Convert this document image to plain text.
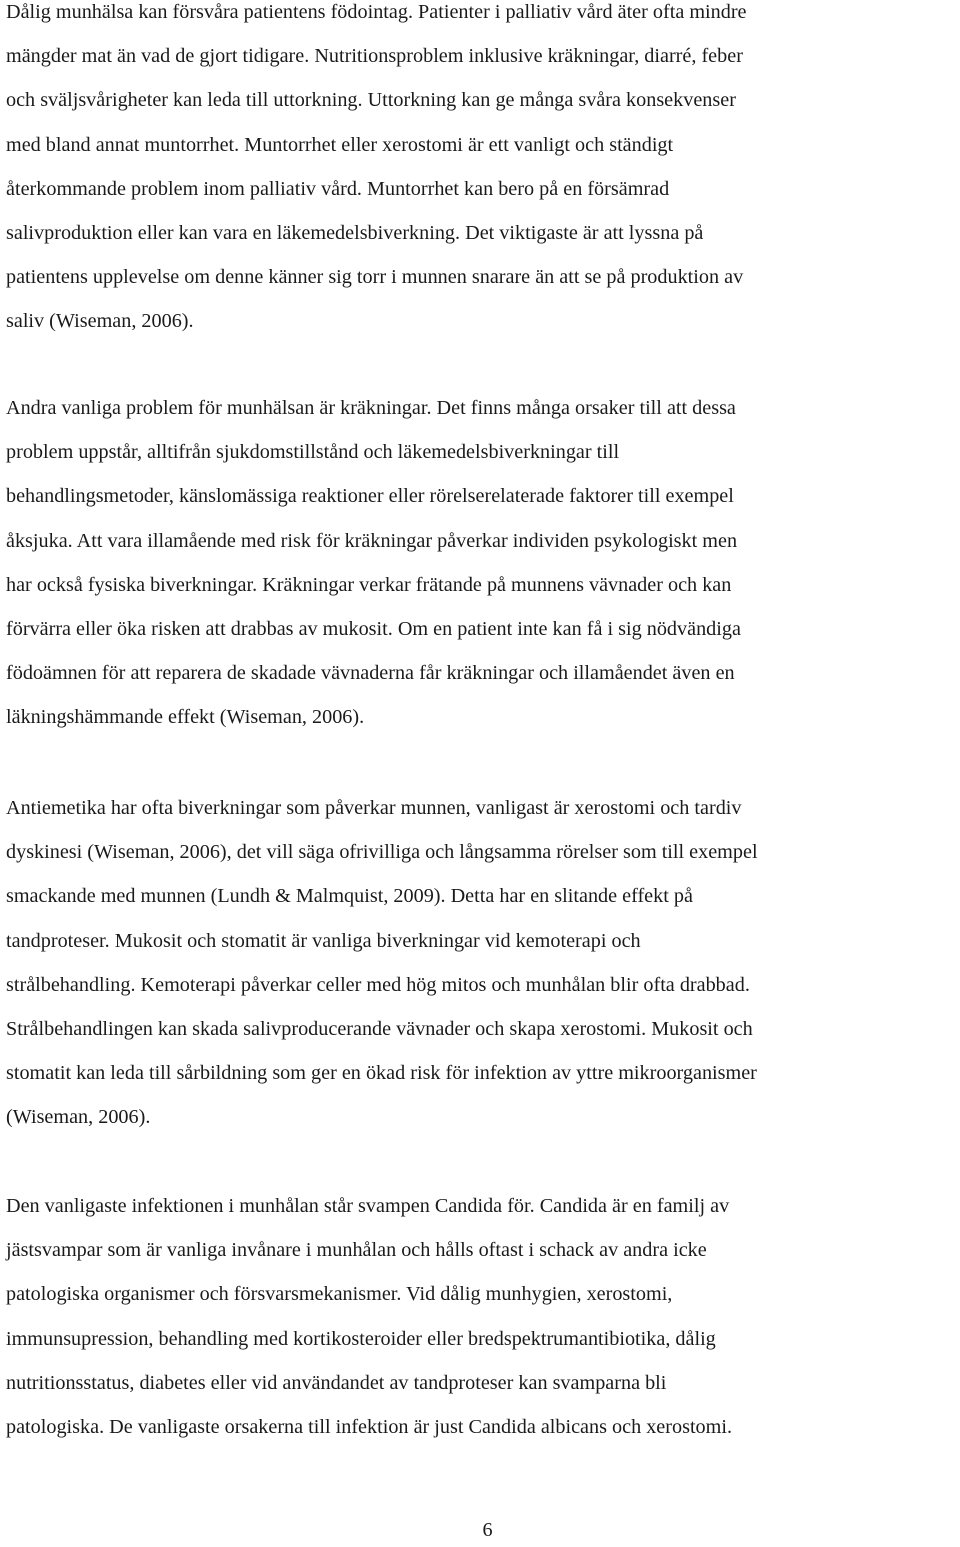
Dålig munhälsa kan försvåra patientens födointag. Patienter i palliativ vård äter ofta mindre
mängder mat än vad de gjort tidigare. Nutritionsproblem inklusive kräkningar, diarré, feber
och sväljsvårigheter kan leda till uttorkning. Uttorkning kan ge många svåra konsekvenser
med bland annat muntorrhet. Muntorrhet eller xerostomi är ett vanligt och ständigt
återkommande problem inom palliativ vård. Muntorrhet kan bero på en försämrad
salivproduktion eller kan vara en läkemedelsbiverkning. Det viktigaste är att lyssna på
patientens upplevelse om denne känner sig torr i munnen snarare än att se på produktion av
saliv (Wiseman, 2006).

Andra vanliga problem för munhälsan är kräkningar. Det finns många orsaker till att dessa
problem uppstår, alltifrån sjukdomstillstånd och läkemedelsbiverkningar till
behandlingsmetoder, känslomässiga reaktioner eller rörelserelaterade faktorer till exempel
åksjuka. Att vara illamående med risk för kräkningar påverkar individen psykologiskt men
har också fysiska biverkningar. Kräkningar verkar frätande på munnens vävnader och kan
förvärra eller öka risken att drabbas av mukosit. Om en patient inte kan få i sig nödvändiga
födoämnen för att reparera de skadade vävnaderna får kräkningar och illamåendet även en
läkningshämmande effekt (Wiseman, 2006).

Antiemetika har ofta biverkningar som påverkar munnen, vanligast är xerostomi och tardiv
dyskinesi (Wiseman, 2006), det vill säga ofrivilliga och långsamma rörelser som till exempel
smackande med munnen (Lundh & Malmquist, 2009). Detta har en slitande effekt på
tandproteser. Mukosit och stomatit är vanliga biverkningar vid kemoterapi och
strålbehandling. Kemoterapi påverkar celler med hög mitos och munhålan blir ofta drabbad.
Strålbehandlingen kan skada salivproducerande vävnader och skapa xerostomi. Mukosit och
stomatit kan leda till sårbildning som ger en ökad risk för infektion av yttre mikroorganismer
(Wiseman, 2006).

Den vanligaste infektionen i munhålan står svampen Candida för. Candida är en familj av
jästsvampar som är vanliga invånare i munhålan och hålls oftast i schack av andra icke
patologiska organismer och försvarsmekanismer. Vid dålig munhygien, xerostomi,
immunsupression, behandling med kortikosteroider eller bredspektrumantibiotika, dålig
nutritionsstatus, diabetes eller vid användandet av tandproteser kan svamparna bli
patologiska. De vanligaste orsakerna till infektion är just Candida albicans och xerostomi.

6
